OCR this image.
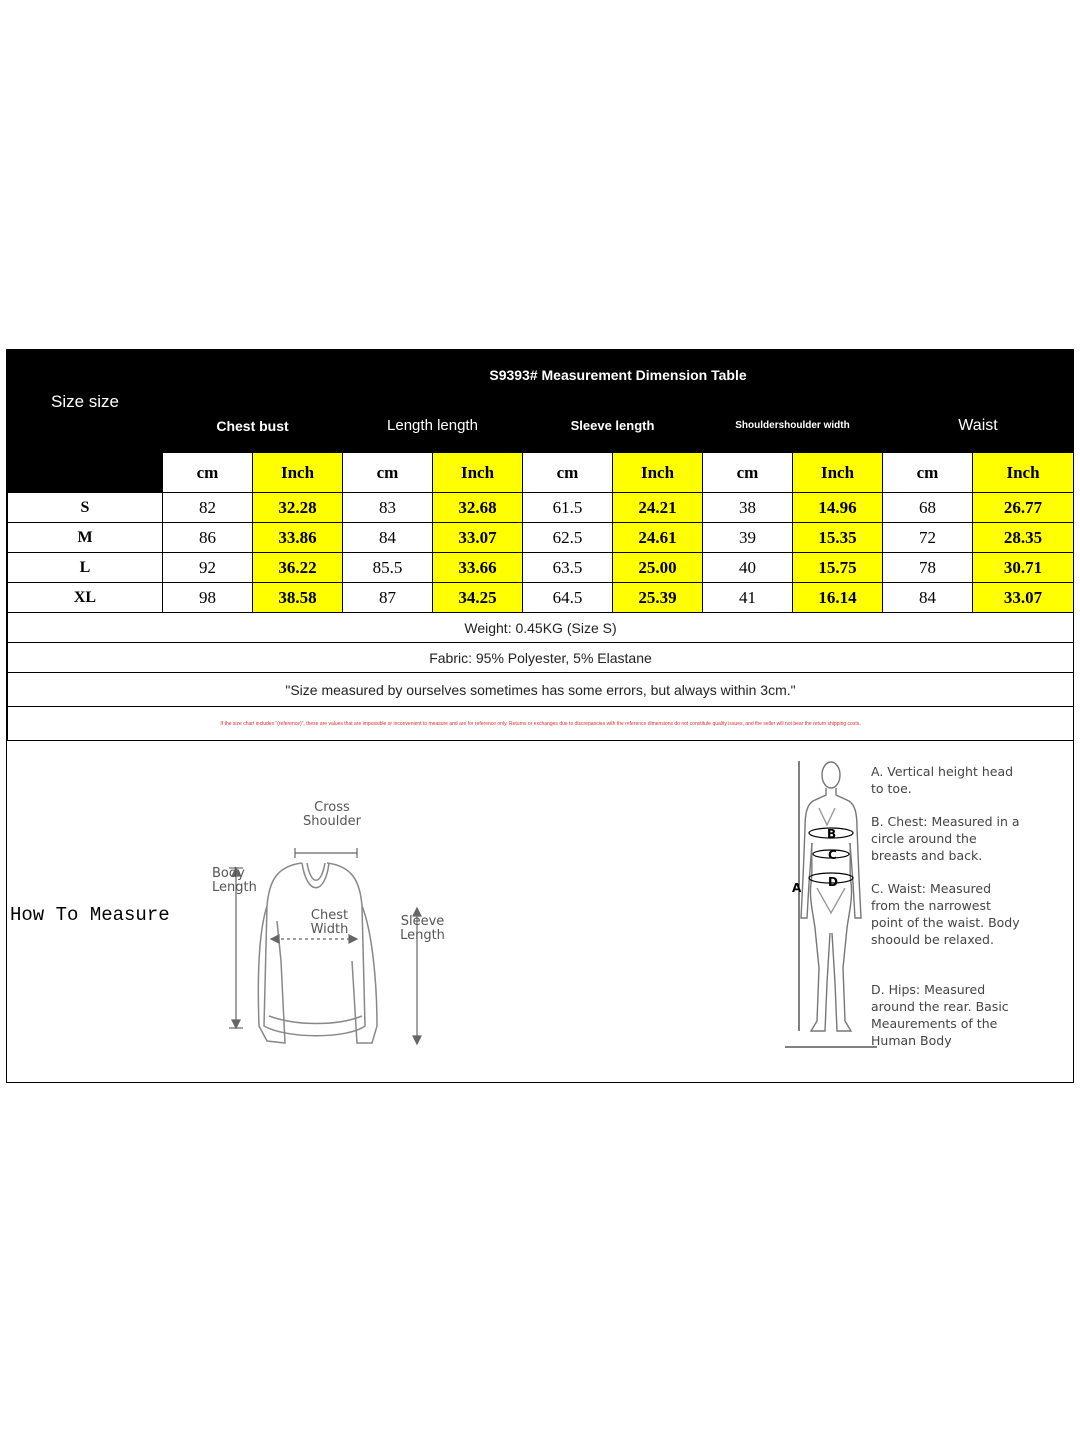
Size size	S9393# Measurement Dimension Table									
	Chest bust		Length length		Sleeve length		Shouldershoulder width		Waist	
	cm	Inch	cm	Inch	cm	Inch	cm	Inch	cm	Inch
S	82	32.28	83	32.68	61.5	24.21	38	14.96	68	26.77
M	86	33.86	84	33.07	62.5	24.61	39	15.35	72	28.35
L	92	36.22	85.5	33.66	63.5	25.00	40	15.75	78	30.71
XL	98	38.58	87	34.25	64.5	25.39	41	16.14	84	33.07
Weight: 0.45KG (Size S)										
Fabric: 95% Polyester, 5% Elastane										
"Size measured by ourselves sometimes has some errors, but always within 3cm."										
If the size chart includes "(reference)", these are values that are impossible or inconvenient to measure and are for reference only. Returns or exchanges due to discrepancies with the reference dimensions do not constitute quality issues, and the seller will not bear the return shipping costs.										
How To Measure
Cross Shoulder
Body Length
Chest Width
Sleeve Length
A
B
C
D
A. Vertical height head to toe.
B. Chest: Measured in a circle around the breasts and back.
C. Waist: Measured from the narrowest point of the waist. Body shoould be relaxed.
D. Hips: Measured around the rear. Basic Meaurements of the Human Body
